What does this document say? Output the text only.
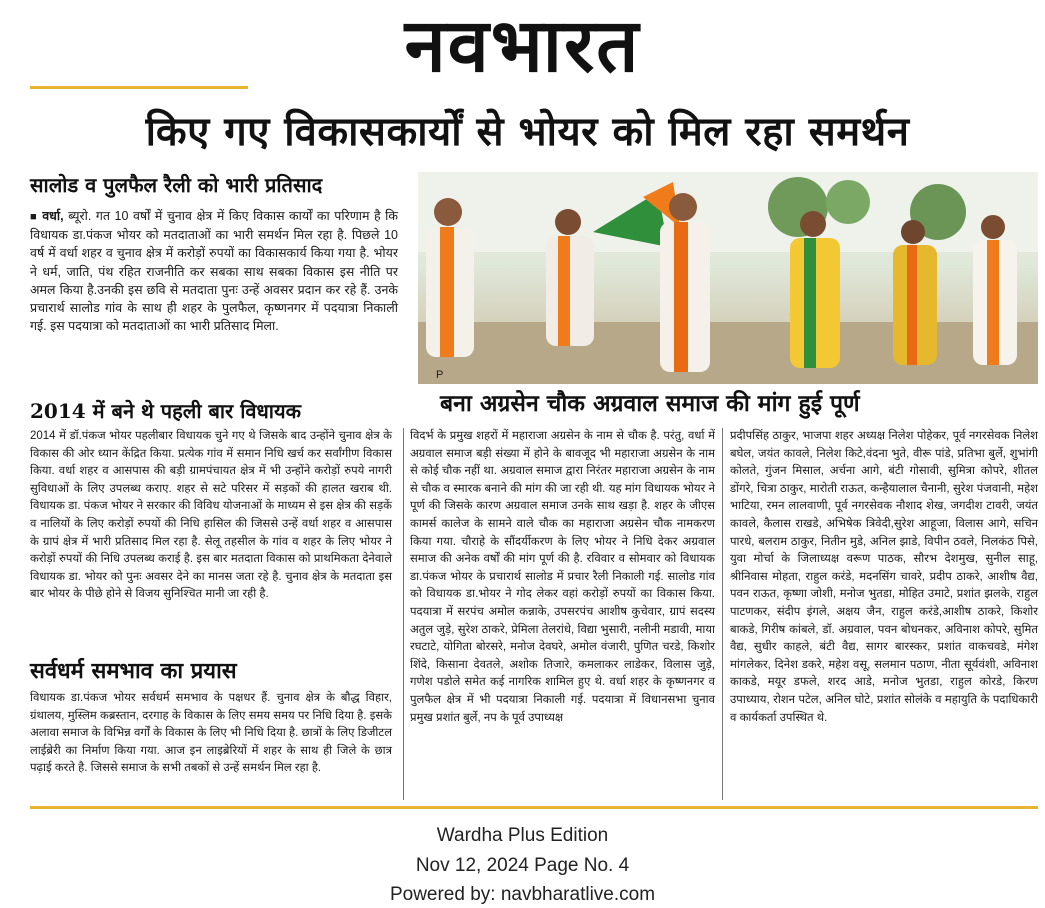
नवभारत
किए गए विकासकार्यों से भोयर को मिल रहा समर्थन
सालोड व पुलफैल रैली को भारी प्रतिसाद
■ वर्धा, ब्यूरो. गत 10 वर्षों में चुनाव क्षेत्र में किए विकास कार्यों का परिणाम है कि विधायक डा.पंकज भोयर को मतदाताओं का भारी समर्थन मिल रहा है. पिछले 10 वर्ष में वर्धा शहर व चुनाव क्षेत्र में करोड़ों रुपयों का विकासकार्य किया गया है. भोयर ने धर्म, जाति, पंथ रहित राजनीति कर सबका साथ सबका विकास इस नीति पर अमल किया है.उनकी इस छवि से मतदाता पुनः उन्हें अवसर प्रदान कर रहे हैं. उनके प्रचारार्थ सालोड गांव के साथ ही शहर के पुलफैल, कृष्णनगर में पदयात्रा निकाली गई. इस पदयात्रा को मतदाताओं का भारी प्रतिसाद मिला.
P
बना अग्रसेन चौक अग्रवाल समाज की मांग हुई पूर्ण
2014 में बने थे पहली बार विधायक
2014 में डॉ.पंकज भोयर पहलीबार विधायक चुने गए थे जिसके बाद उन्होंने चुनाव क्षेत्र के विकास की ओर ध्यान केंद्रित किया. प्रत्येक गांव में समान निधि खर्च कर सर्वांगीण विकास किया. वर्धा शहर व आसपास की बड़ी ग्रामपंचायत क्षेत्र में भी उन्होंने करोड़ों रुपये नागरी सुविधाओं के लिए उपलब्ध कराए. शहर से सटे परिसर में सड़कों की हालत खराब थी. विधायक डा. पंकज भोयर ने सरकार की विविध योजनाओं के माध्यम से इस क्षेत्र की सड़कें व नालियों के लिए करोड़ों रुपयों की निधि हासिल की जिससे उन्हें वर्धा शहर व आसपास के ग्रापं क्षेत्र में भारी प्रतिसाद मिल रहा है. सेलू तहसील के गांव व शहर के लिए भोयर ने करोड़ों रुपयों की निधि उपलब्ध कराई है. इस बार मतदाता विकास को प्राथमिकता देनेवाले विधायक डा. भोयर को पुनः अवसर देने का मानस जता रहे है. चुनाव क्षेत्र के मतदाता इस बार भोयर के पीछे होने से विजय सुनिश्चित मानी जा रही है.
सर्वधर्म समभाव का प्रयास
विधायक डा.पंकज भोयर सर्वधर्म समभाव के पक्षधर हैं. चुनाव क्षेत्र के बौद्ध विहार, ग्रंथालय, मुस्लिम कब्रस्तान, दरगाह के विकास के लिए समय समय पर निधि दिया है. इसके अलावा समाज के विभिन्न वर्गों के विकास के लिए भी निधि दिया है. छात्रों के लिए डिजीटल लाईब्रेरी का निर्माण किया गया. आज इन लाइब्रेरियों में शहर के साथ ही जिले के छात्र पढ़ाई करते है. जिससे समाज के सभी तबकों से उन्हें समर्थन मिल रहा है.
विदर्भ के प्रमुख शहरों में महाराजा अग्रसेन के नाम से चौक है. परंतु, वर्धा में अग्रवाल समाज बड़ी संख्या में होने के बावजूद भी महाराजा अग्रसेन के नाम से कोई चौक नहीं था. अग्रवाल समाज द्वारा निरंतर महाराजा अग्रसेन के नाम से चौक व स्मारक बनाने की मांग की जा रही थी. यह मांग विधायक भोयर ने पूर्ण की जिसके कारण अग्रवाल समाज उनके साथ खड़ा है. शहर के जीएस कामर्स कालेज के सामने वाले चौक का महाराजा अग्रसेन चौक नामकरण किया गया. चौराहे के सौंदर्यीकरण के लिए भोयर ने निधि देकर अग्रवाल समाज की अनेक वर्षों की मांग पूर्ण की है. रविवार व सोमवार को विधायक डा.पंकज भोयर के प्रचारार्थ सालोड में प्रचार रैली निकाली गई. सालोड गांव को विधायक डा.भोयर ने गोद लेकर वहां करोड़ों रुपयों का विकास किया. पदयात्रा में सरपंच अमोल कन्नाके, उपसरपंच आशीष कुचेवार, ग्रापं सदस्य अतुल जुड़े, सुरेश ठाकरे, प्रेमिला तेलरांधे, विद्या भुसारी, नलीनी मडावी, माया रघटाटे, योगिता बोरसरे, मनोज देवघरे, अमोल वंजारी, पुणित चरडे, किशोर शिंदे, किसाना देवतले, अशोक तिजारे, कमलाकर लाडेकर, विलास जुड़े, गणेश पडोले समेत कई नागरिक शामिल हुए थे. वर्धा शहर के कृष्णनगर व पुलफैल क्षेत्र में भी पदयात्रा निकाली गई. पदयात्रा में विधानसभा चुनाव प्रमुख प्रशांत बुर्ले, नप के पूर्व उपाध्यक्ष
प्रदीपसिंह ठाकुर, भाजपा शहर अध्यक्ष निलेश पोहेकर, पूर्व नगरसेवक निलेश बघेल, जयंत कावले, निलेश किटे,वंदना भुते, वीरू पांडे, प्रतिभा बुर्ले, शुभांगी कोलते, गुंजन मिसाल, अर्चना आगे, बंटी गोसावी, सुमित्रा कोपरे, शीतल डोंगरे, चित्रा ठाकुर, मारोती राऊत, कन्हैयालाल चैनानी, सुरेश पंजवानी, महेश भाटिया, रमन लालवाणी, पूर्व नगरसेवक नौशाद शेख, जगदीश टावरी, जयंत कावले, कैलास राखडे, अभिषेक त्रिवेदी,सुरेश आहूजा, विलास आगे, सचिन पारधे, बलराम ठाकुर, नितीन मुडे, अनिल झाडे, विपीन ठवले, निलकंठ पिसे, युवा मोर्चा के जिलाध्यक्ष वरूण पाठक, सौरभ देशमुख, सुनील साहू, श्रीनिवास मोहता, राहुल करंडे, मदनसिंग चावरे, प्रदीप ठाकरे, आशीष वैद्य, पवन राऊत, कृष्णा जोशी, मनोज भुतडा, मोहित उमाटे, प्रशांत झलके, राहुल पाटणकर, संदीप इंगले, अक्षय जैन, राहुल करंडे,आशीष ठाकरे, किशोर बाकडे, गिरीष कांबले, डॉ. अग्रवाल, पवन बोधनकर, अविनाश कोपरे, सुमित वैद्य, सुधीर काहले, बंटी वैद्य, सागर बारस्कर, प्रशांत वाकचवडे, मंगेश मांगलेकर, दिनेश डकरे, महेश वसू, सलमान पठाण, नीता सूर्यवंशी, अविनाश काकडे, मयूर डफले, शरद आडे, मनोज भुतडा, राहुल कोरडे, किरण उपाध्याय, रोशन पटेल, अनिल घोटे, प्रशांत सोलंके व महायुति के पदाधिकारी व कार्यकर्ता उपस्थित थे.
Wardha Plus Edition
Nov 12, 2024 Page No. 4
Powered by: navbharatlive.com
